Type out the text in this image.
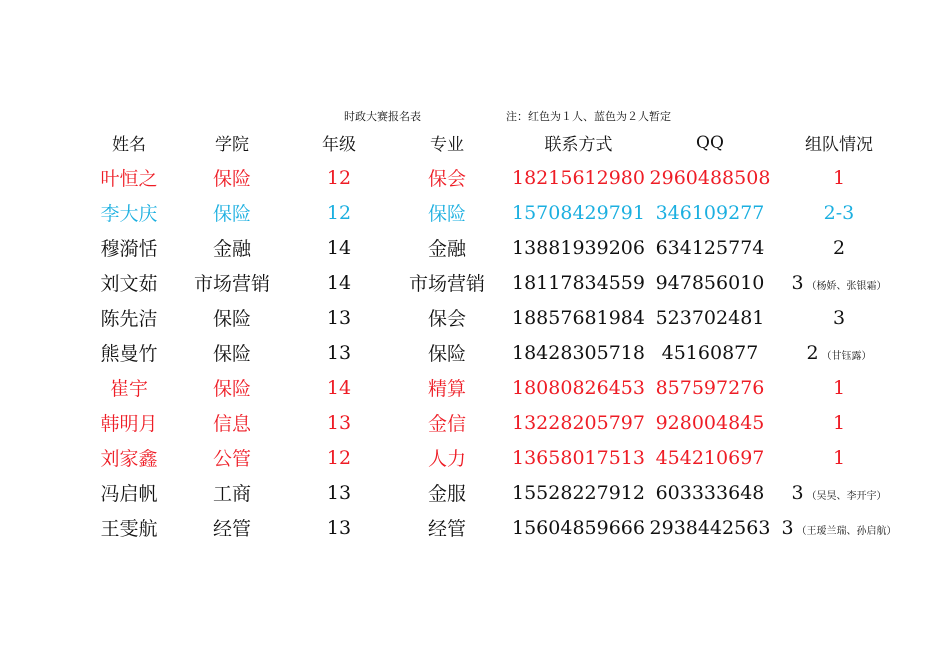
时政大赛报名表	注：红色为１人、蓝色为２人暂定
姓名	学院	年级	专业	联系方式	QQ	组队情况
叶恒之	保险	12	保会	18215612980	2960488508	1
李大庆	保险	12	保险	15708429791	346109277	2-3
穆漪恬	金融	14	金融	13881939206	634125774	2
刘文茹	市场营销	14	市场营销	18117834559	947856010	3 （杨娇、张银霜）
陈先洁	保险	13	保会	18857681984	523702481	3
熊曼竹	保险	13	保险	18428305718	45160877	2 （甘钰露）
崔宇	保险	14	精算	18080826453	857597276	1
韩明月	信息	13	金信	13228205797	928004845	1
刘家鑫	公管	12	人力	13658017513	454210697	1
冯启帆	工商	13	金服	15528227912	603333648	3 （吴昊、李开宇）
王雯航	经管	13	经管	15604859666	2938442563	3 （王瑷兰瑞、孙启航）
